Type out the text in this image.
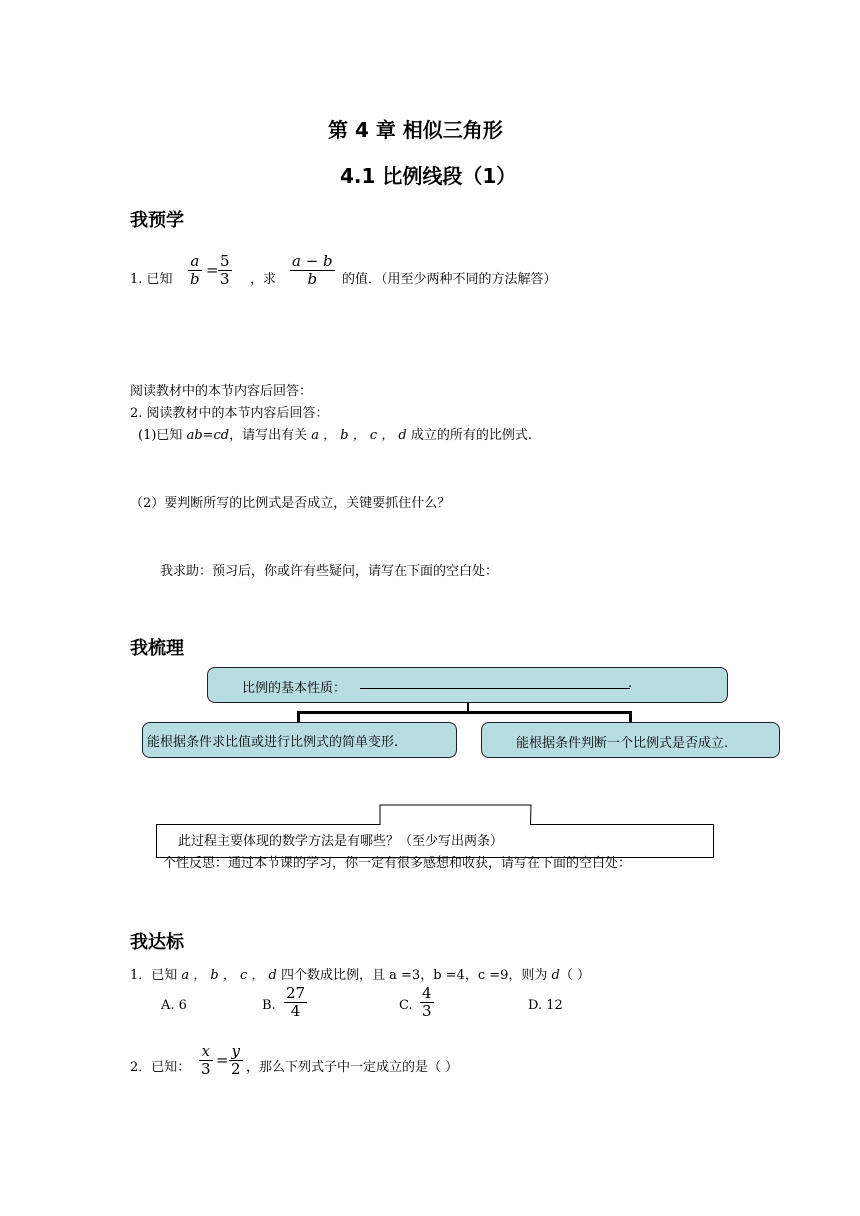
第 4 章 相似三角形
4.1 比例线段（1）
我预学
1. 已知
a
b = 5
3 ，求
a − b
b 的值．（用至少两种不同的方法解答）
阅读教材中的本节内容后回答：
2. 阅读教材中的本节内容后回答：
(1)已知 ab=cd，请写出有关 a ， b ， c ， d 成立的所有的比例式.
（2）要判断所写的比例式是否成立，关键要抓住什么？
我求助：预习后，你或许有些疑问，请写在下面的空白处：
我梳理
比例的基本性质：	.
能根据条件求比值或进行比例式的简单变形.	能根据条件判断一个比例式是否成立.
此过程主要体现的数学方法是有哪些？（至少写出两条）
个性反思：通过本节课的学习，你一定有很多感想和收获，请写在下面的空白处：
我达标
1．已知 a ， b ， c ， d 四个数成比例，且 a =3，b =4，c =9，则为 d（ ）
A. 6	B.
27
4	C.
4
3	D. 12
2．已知：
x
3 = y
2 ，那么下列式子中一定成立的是（ ）
